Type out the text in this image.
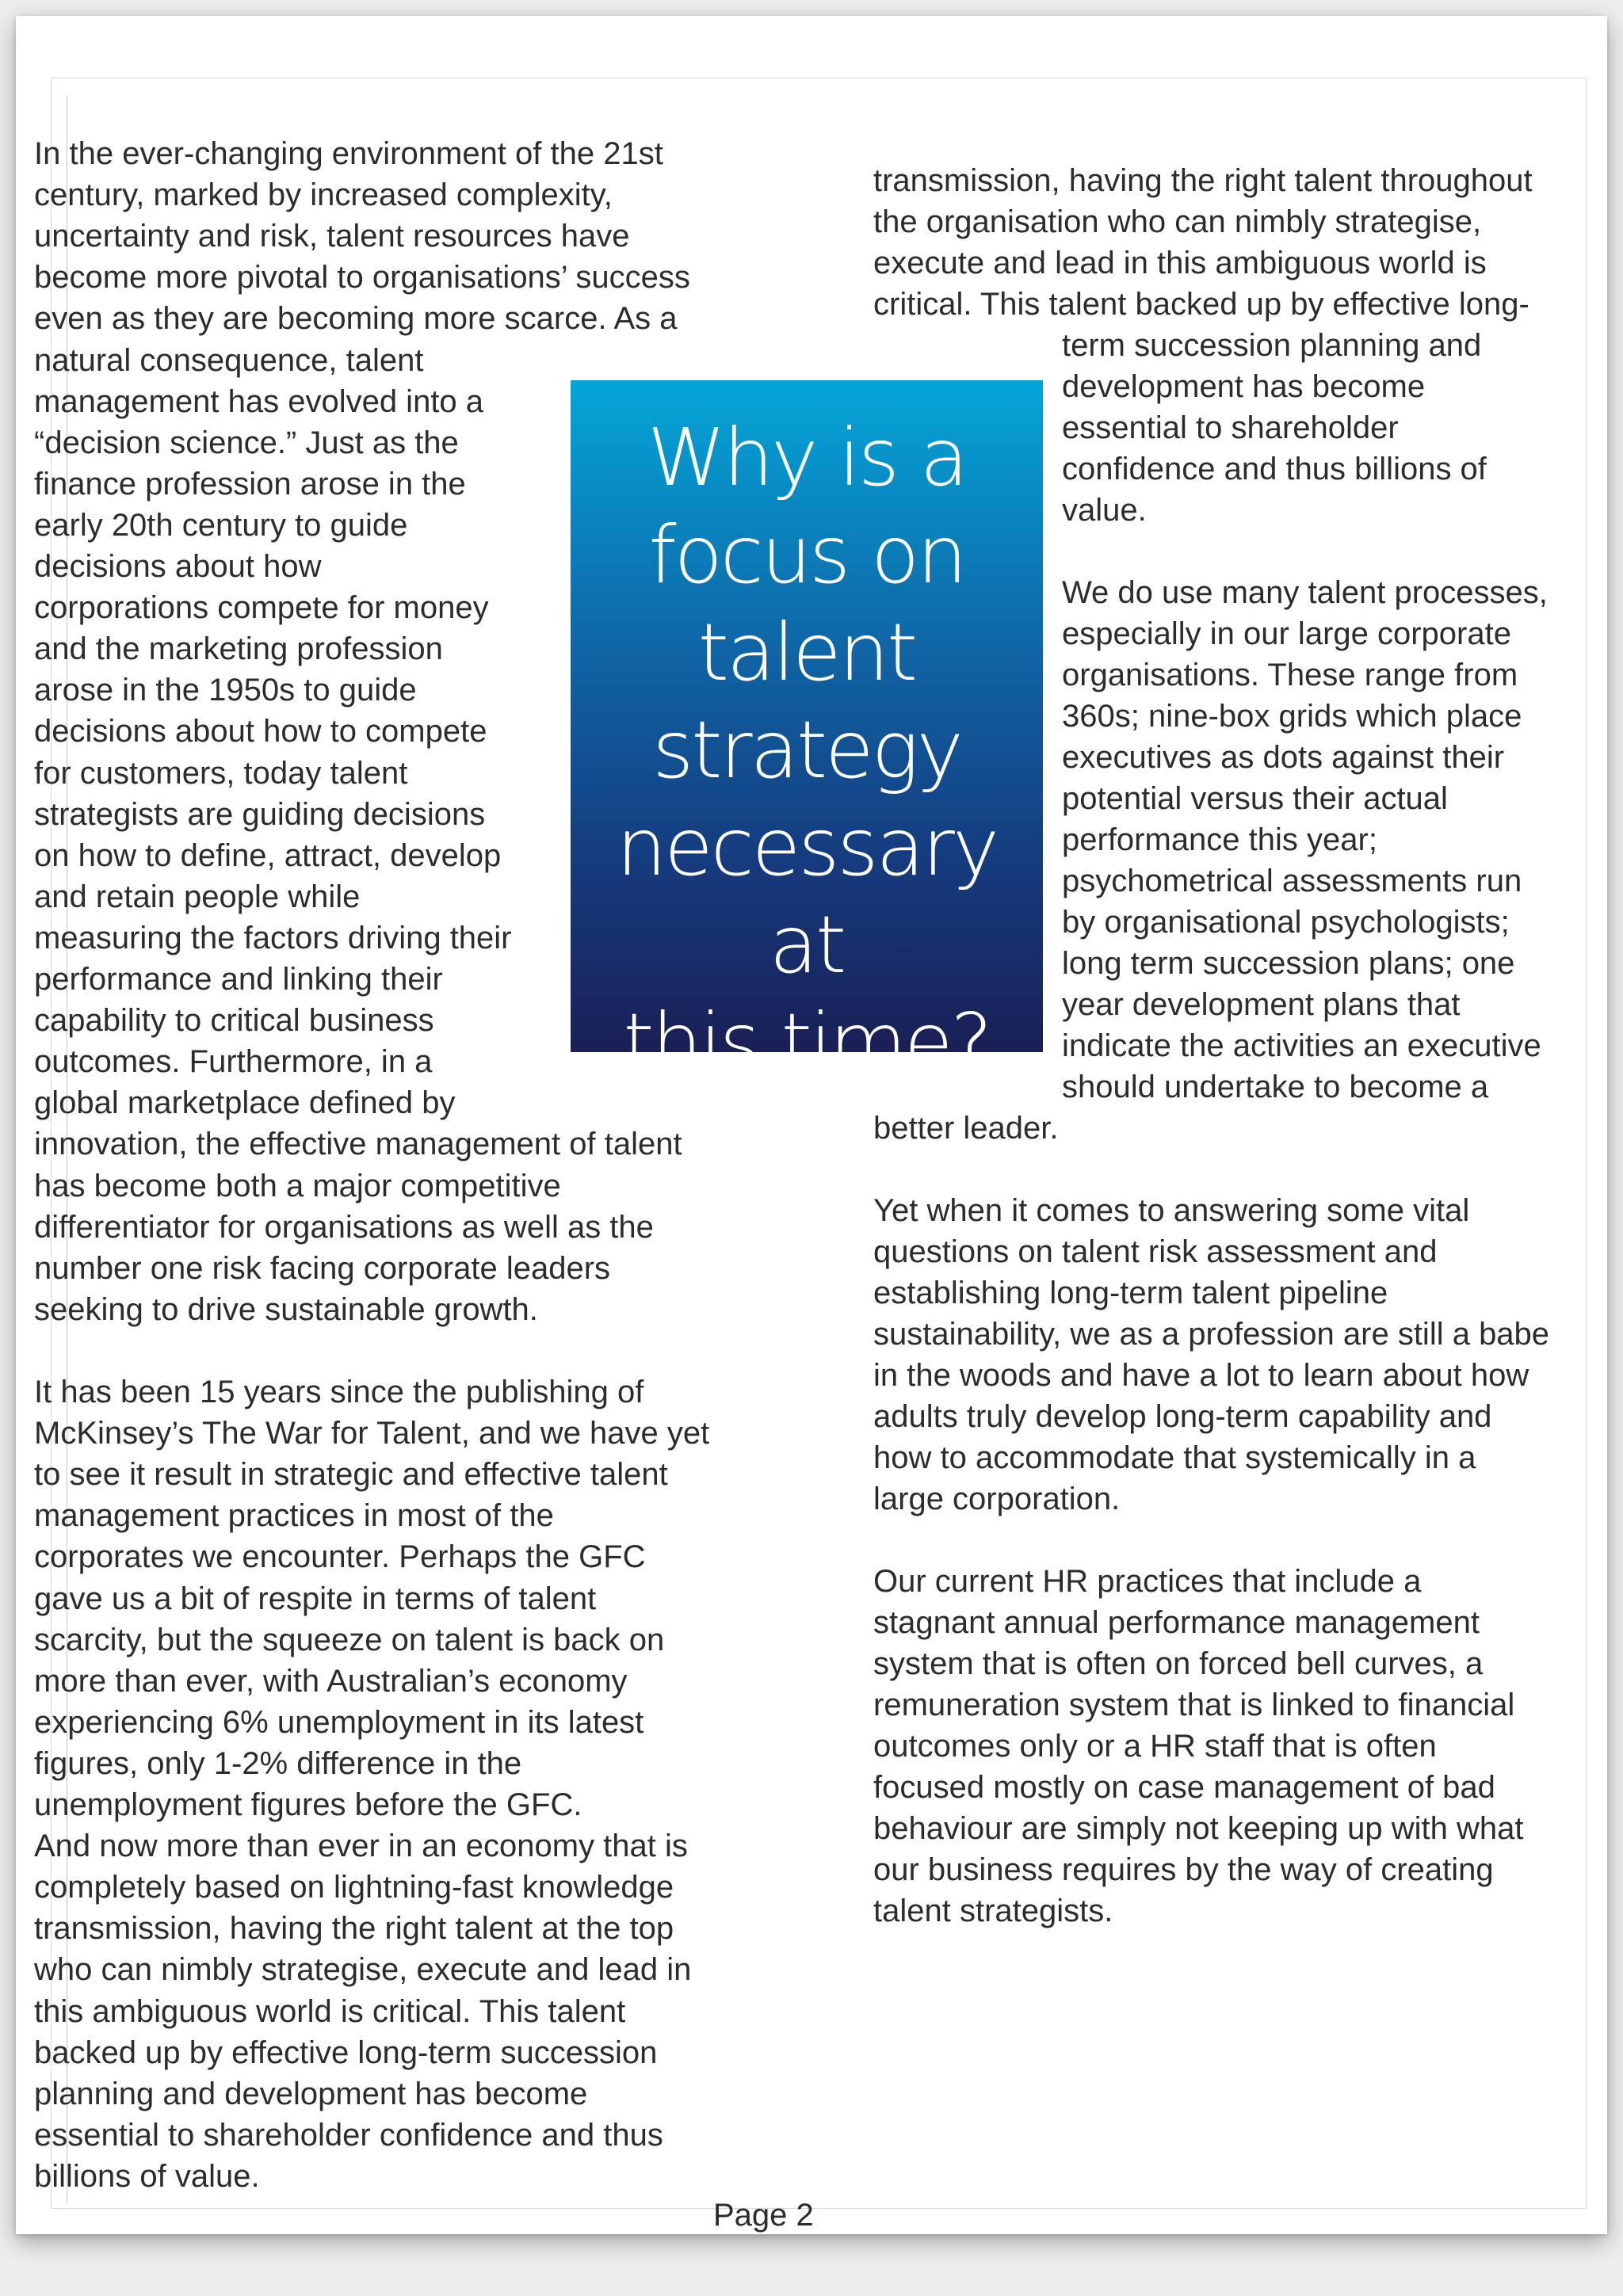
In the ever-changing environment of the 21st
century, marked by increased complexity,
uncertainty and risk, talent resources have
become more pivotal to organisations’ success
even as they are becoming more scarce. As a
natural consequence, talent
management has evolved into a
“decision science.” Just as the
finance profession arose in the
early 20th century to guide
decisions about how
corporations compete for money
and the marketing profession
arose in the 1950s to guide
decisions about how to compete
for customers, today talent
strategists are guiding decisions
on how to define, attract, develop
and retain people while
measuring the factors driving their
performance and linking their
capability to critical business
outcomes. Furthermore, in a
global marketplace defined by
innovation, the effective management of talent
has become both a major competitive
differentiator for organisations as well as the
number one risk facing corporate leaders
seeking to drive sustainable growth.
It has been 15 years since the publishing of
McKinsey’s The War for Talent, and we have yet
to see it result in strategic and effective talent
management practices in most of the
corporates we encounter. Perhaps the GFC
gave us a bit of respite in terms of talent
scarcity, but the squeeze on talent is back on
more than ever, with Australian’s economy
experiencing 6% unemployment in its latest
figures, only 1-2% difference in the
unemployment figures before the GFC.
And now more than ever in an economy that is
completely based on lightning-fast knowledge
transmission, having the right talent at the top
who can nimbly strategise, execute and lead in
this ambiguous world is critical. This talent
backed up by effective long-term succession
planning and development has become
essential to shareholder confidence and thus
billions of value.
transmission, having the right talent throughout
the organisation who can nimbly strategise,
execute and lead in this ambiguous world is
critical. This talent backed up by effective long-
term succession planning and
development has become
essential to shareholder
confidence and thus billions of
value.
We do use many talent processes,
especially in our large corporate
organisations. These range from
360s; nine-box grids which place
executives as dots against their
potential versus their actual
performance this year;
psychometrical assessments run
by organisational psychologists;
long term succession plans; one
year development plans that
indicate the activities an executive
should undertake to become a
better leader.
Yet when it comes to answering some vital
questions on talent risk assessment and
establishing long-term talent pipeline
sustainability, we as a profession are still a babe
in the woods and have a lot to learn about how
adults truly develop long-term capability and
how to accommodate that systemically in a
large corporation.
Our current HR practices that include a
stagnant annual performance management
system that is often on forced bell curves, a
remuneration system that is linked to financial
outcomes only or a HR staff that is often
focused mostly on case management of bad
behaviour are simply not keeping up with what
our business requires by the way of creating
talent strategists.
Why is a
focus on
talent
strategy
necessary at
this time?
Page 2
